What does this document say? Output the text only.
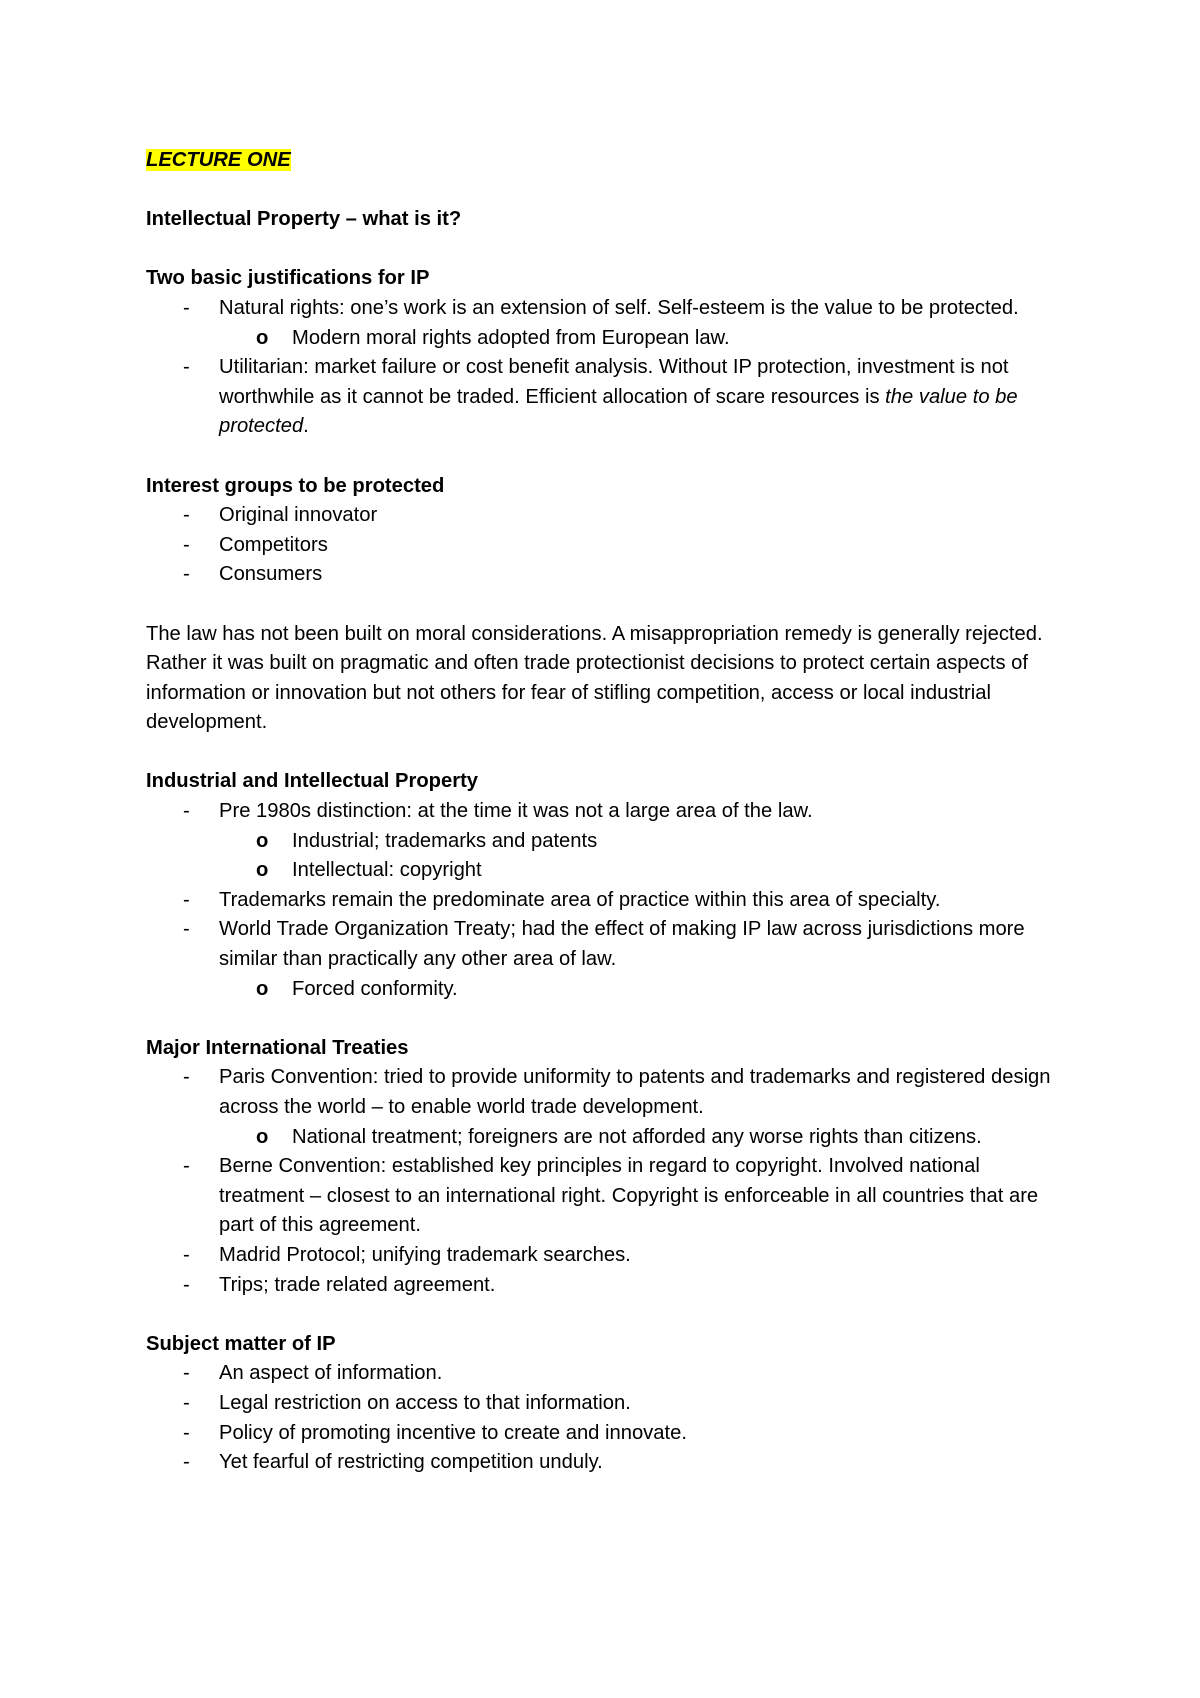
LECTURE ONE

Intellectual Property – what is it?

Two basic justifications for IP

- Natural rights: one’s work is an extension of self. Self-esteem is the value to be protected.
o Modern moral rights adopted from European law.
- Utilitarian: market failure or cost benefit analysis. Without IP protection, investment is not worthwhile as it cannot be traded. Efficient allocation of scare resources is the value to be protected.

Interest groups to be protected

- Original innovator
- Competitors
- Consumers

The law has not been built on moral considerations. A misappropriation remedy is generally rejected. Rather it was built on pragmatic and often trade protectionist decisions to protect certain aspects of information or innovation but not others for fear of stifling competition, access or local industrial development.

Industrial and Intellectual Property

- Pre 1980s distinction: at the time it was not a large area of the law.
o Industrial; trademarks and patents
o Intellectual: copyright
- Trademarks remain the predominate area of practice within this area of specialty.
- World Trade Organization Treaty; had the effect of making IP law across jurisdictions more similar than practically any other area of law.
o Forced conformity.

Major International Treaties

- Paris Convention: tried to provide uniformity to patents and trademarks and registered design across the world – to enable world trade development.
o National treatment; foreigners are not afforded any worse rights than citizens.
- Berne Convention: established key principles in regard to copyright. Involved national treatment – closest to an international right. Copyright is enforceable in all countries that are part of this agreement.
- Madrid Protocol; unifying trademark searches.
- Trips; trade related agreement.

Subject matter of IP

- An aspect of information.
- Legal restriction on access to that information.
- Policy of promoting incentive to create and innovate.
- Yet fearful of restricting competition unduly.
